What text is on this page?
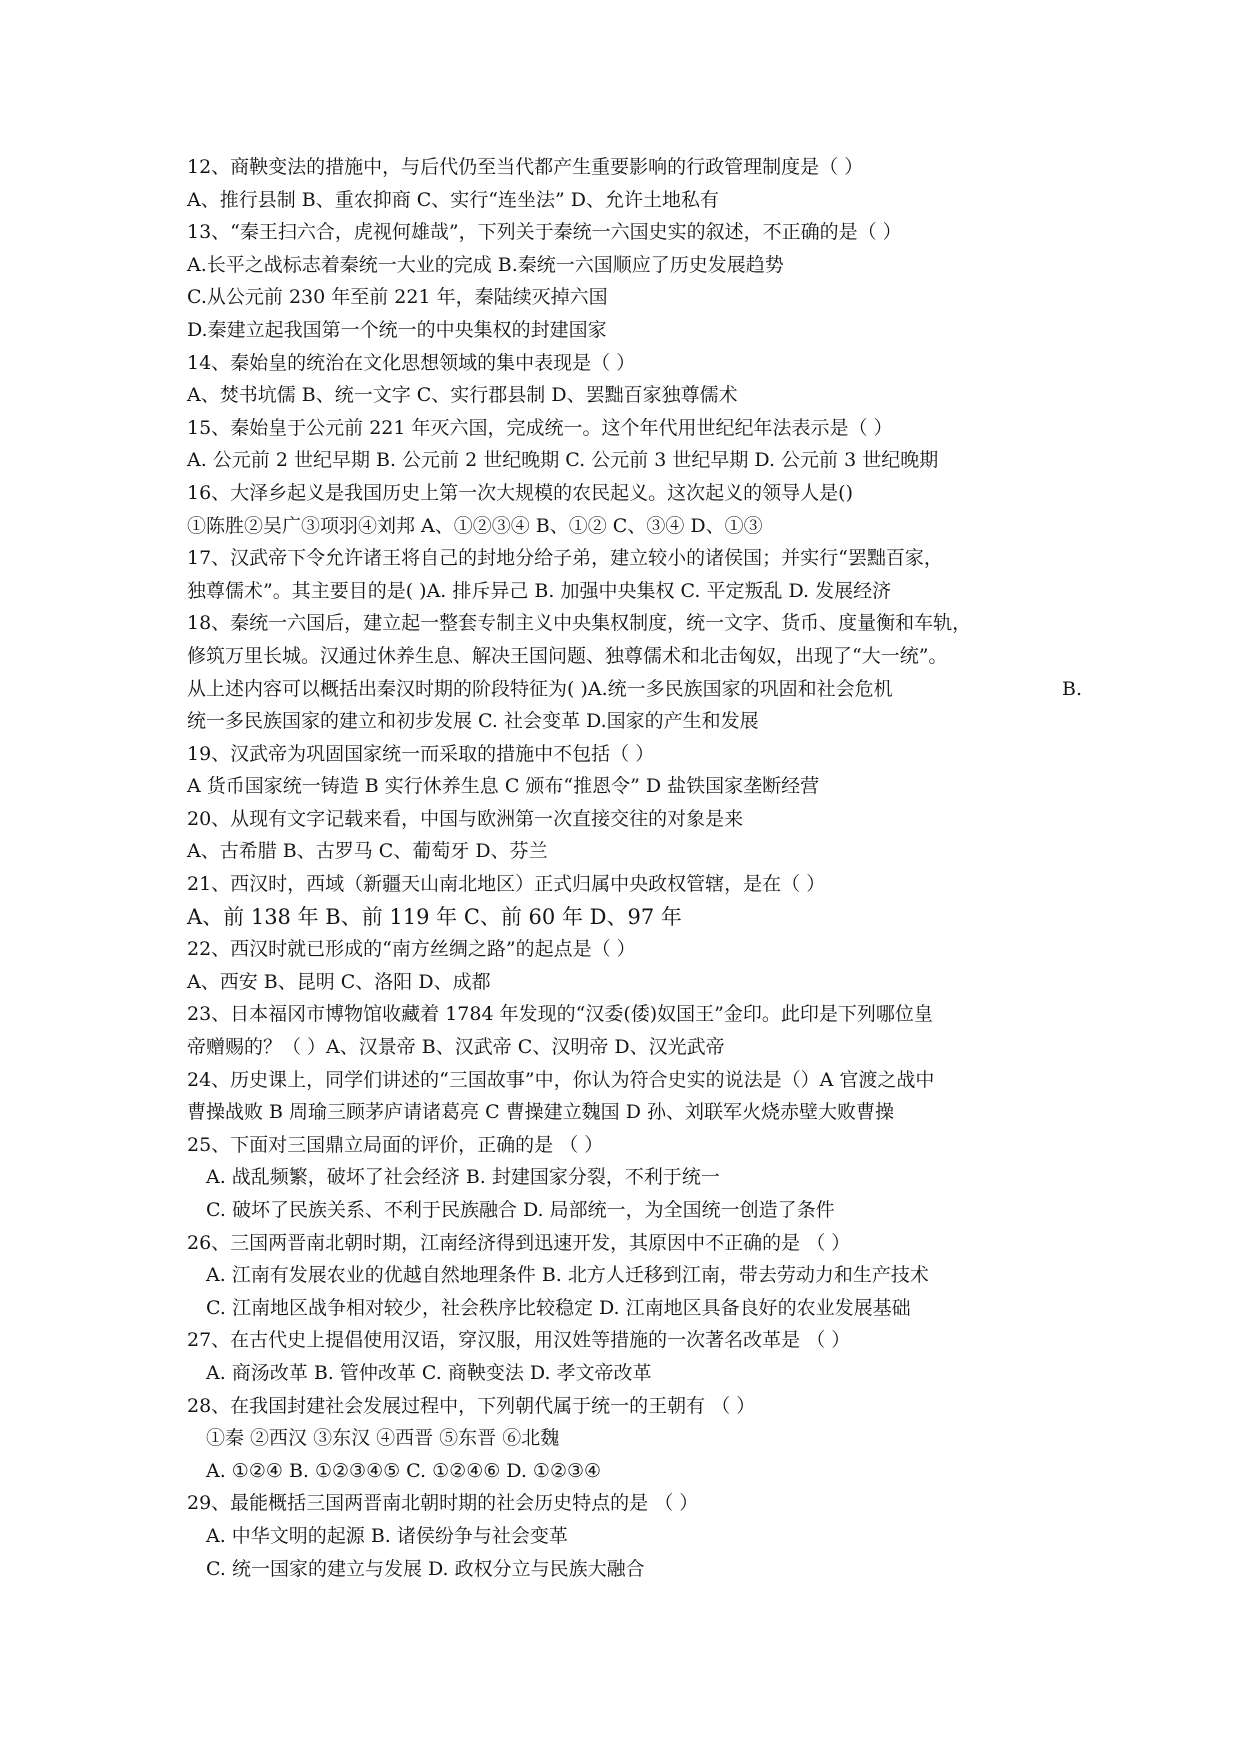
12、商鞅变法的措施中，与后代仍至当代都产生重要影响的行政管理制度是（ ）
A、推行县制 B、重农抑商 C、实行“连坐法” D、允许土地私有
13、“秦王扫六合，虎视何雄哉”，下列关于秦统一六国史实的叙述，不正确的是（ ）
A.长平之战标志着秦统一大业的完成 B.秦统一六国顺应了历史发展趋势
C.从公元前 230 年至前 221 年，秦陆续灭掉六国
D.秦建立起我国第一个统一的中央集权的封建国家
14、秦始皇的统治在文化思想领域的集中表现是（ ）
A、焚书坑儒 B、统一文字 C、实行郡县制 D、罢黜百家独尊儒术
15、秦始皇于公元前 221 年灭六国，完成统一。这个年代用世纪纪年法表示是（ ）
A. 公元前 2 世纪早期 B. 公元前 2 世纪晚期 C. 公元前 3 世纪早期 D. 公元前 3 世纪晚期
16、大泽乡起义是我国历史上第一次大规模的农民起义。这次起义的领导人是()
①陈胜②吴广③项羽④刘邦 A、①②③④ B、①② C、③④ D、①③
17、汉武帝下令允许诸王将自己的封地分给子弟，建立较小的诸侯国；并实行“罢黜百家，
独尊儒术”。其主要目的是( )A. 排斥异己 B. 加强中央集权 C. 平定叛乱 D. 发展经济
18、秦统一六国后，建立起一整套专制主义中央集权制度，统一文字、货币、度量衡和车轨，
修筑万里长城。汉通过休养生息、解决王国问题、独尊儒术和北击匈奴，出现了“大一统”。
从上述内容可以概括出秦汉时期的阶段特征为( )A.统一多民族国家的巩固和社会危机	B.
统一多民族国家的建立和初步发展 C. 社会变革 D.国家的产生和发展
19、汉武帝为巩固国家统一而采取的措施中不包括（ ）
A 货币国家统一铸造 B 实行休养生息 C 颁布“推恩令” D 盐铁国家垄断经营
20、从现有文字记载来看，中国与欧洲第一次直接交往的对象是来
A、古希腊 B、古罗马 C、葡萄牙 D、芬兰
21、西汉时，西域（新疆天山南北地区）正式归属中央政权管辖，是在（ ）
A、前 138 年 B、前 119 年 C、前 60 年 D、97 年
22、西汉时就已形成的“南方丝绸之路”的起点是（ ）
A、西安 B、昆明 C、洛阳 D、成都
23、日本福冈市博物馆收藏着 1784 年发现的“汉委(倭)奴国王”金印。此印是下列哪位皇
帝赠赐的？（ ）A、汉景帝 B、汉武帝 C、汉明帝 D、汉光武帝
24、历史课上，同学们讲述的“三国故事”中，你认为符合史实的说法是（）A 官渡之战中
曹操战败 B 周瑜三顾茅庐请诸葛亮 C 曹操建立魏国 D 孙、刘联军火烧赤壁大败曹操
25、下面对三国鼎立局面的评价，正确的是 （ ）
A. 战乱频繁，破坏了社会经济 B. 封建国家分裂，不利于统一
C. 破坏了民族关系、不利于民族融合 D. 局部统一，为全国统一创造了条件
26、三国两晋南北朝时期，江南经济得到迅速开发，其原因中不正确的是 （ ）
A. 江南有发展农业的优越自然地理条件 B. 北方人迁移到江南，带去劳动力和生产技术
C. 江南地区战争相对较少，社会秩序比较稳定 D. 江南地区具备良好的农业发展基础
27、在古代史上提倡使用汉语，穿汉服，用汉姓等措施的一次著名改革是 （ ）
A. 商汤改革 B. 管仲改革 C. 商鞅变法 D. 孝文帝改革
28、在我国封建社会发展过程中，下列朝代属于统一的王朝有 （ ）
①秦 ②西汉 ③东汉 ④西晋 ⑤东晋 ⑥北魏
A. ①②④ B. ①②③④⑤ C. ①②④⑥ D. ①②③④
29、最能概括三国两晋南北朝时期的社会历史特点的是 （ ）
A. 中华文明的起源 B. 诸侯纷争与社会变革
C. 统一国家的建立与发展 D. 政权分立与民族大融合
